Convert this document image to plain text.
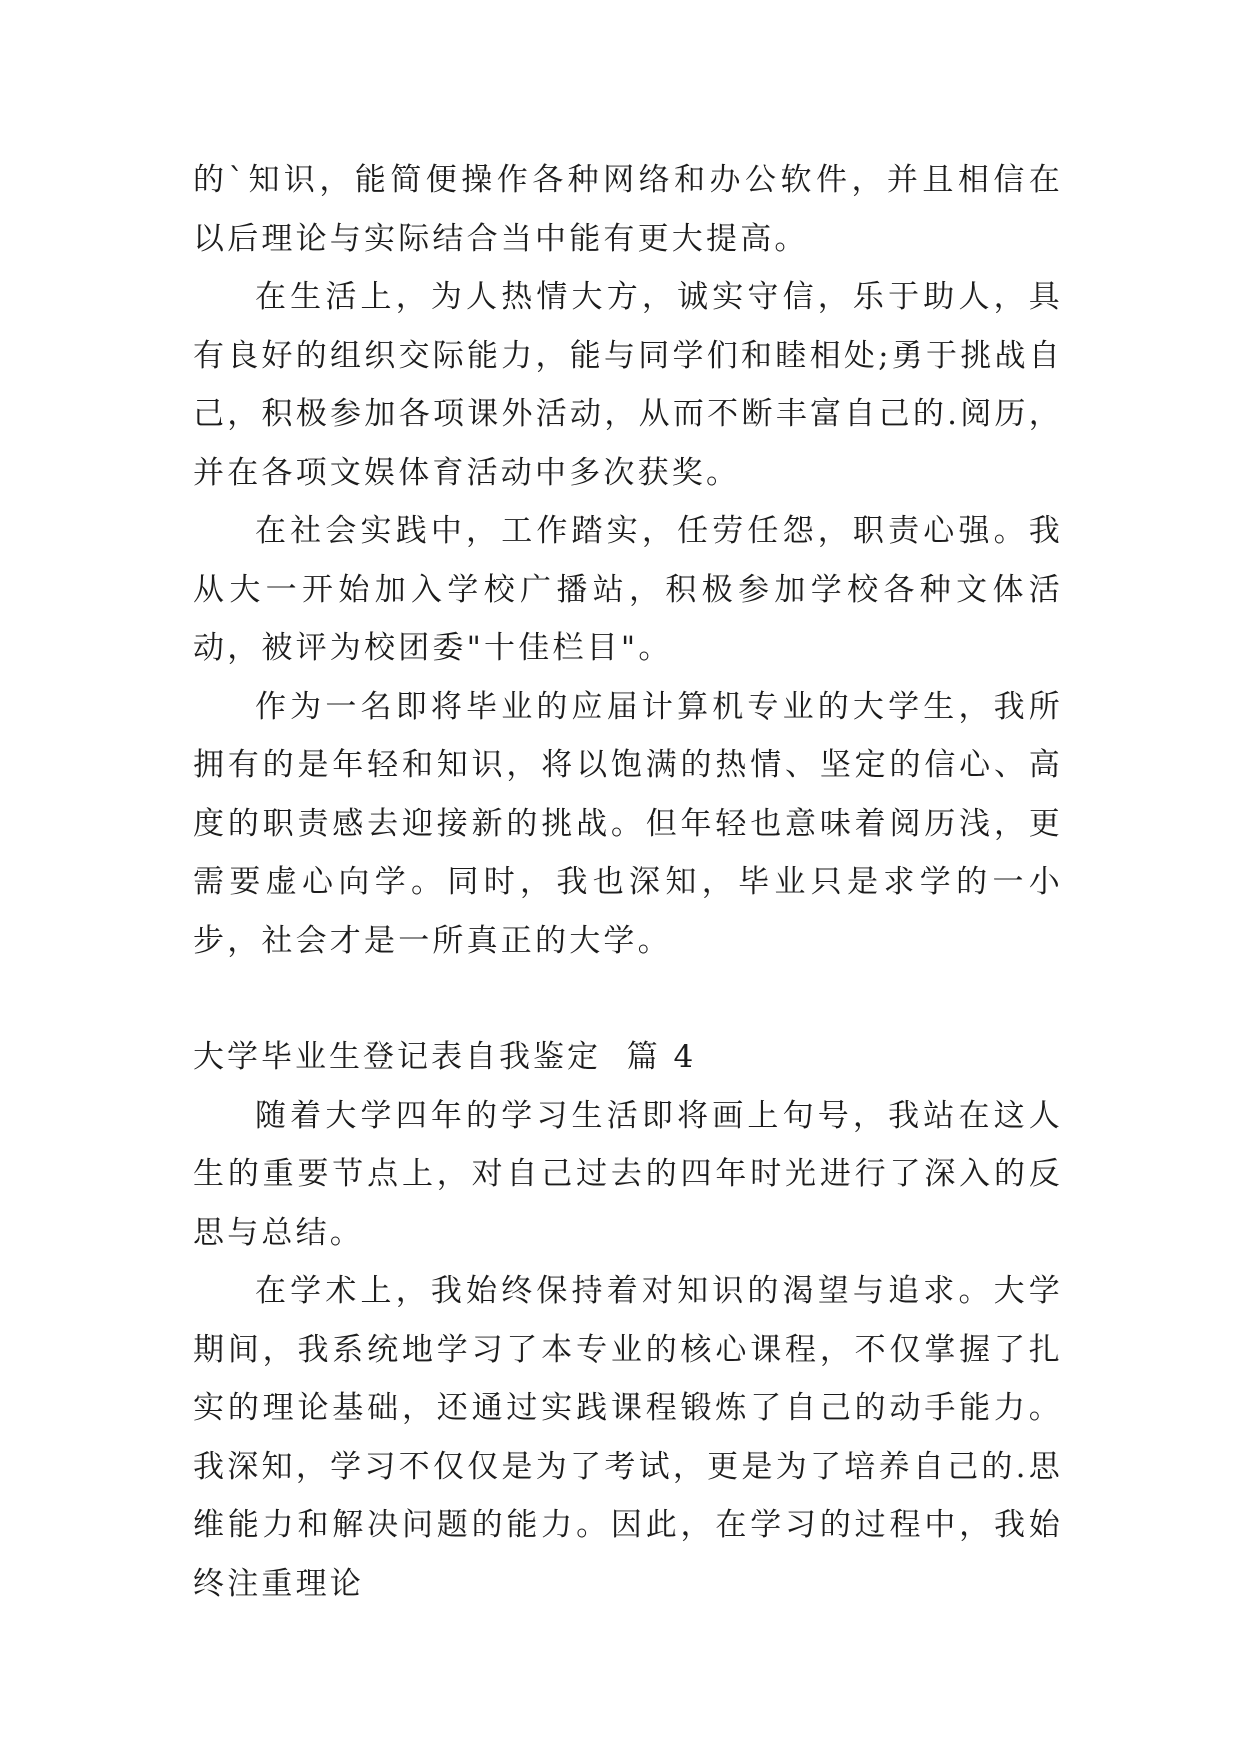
的`知识，能简便操作各种网络和办公软件，并且相信在以后理论与实际结合当中能有更大提高。

在生活上，为人热情大方，诚实守信，乐于助人，具有良好的组织交际能力，能与同学们和睦相处;勇于挑战自己，积极参加各项课外活动，从而不断丰富自己的.阅历，并在各项文娱体育活动中多次获奖。

在社会实践中，工作踏实，任劳任怨，职责心强。我从大一开始加入学校广播站，积极参加学校各种文体活动，被评为校团委"十佳栏目"。

作为一名即将毕业的应届计算机专业的大学生，我所拥有的是年轻和知识，将以饱满的热情、坚定的信心、高度的职责感去迎接新的挑战。但年轻也意味着阅历浅，更需要虚心向学。同时，我也深知，毕业只是求学的一小步，社会才是一所真正的大学。

大学毕业生登记表自我鉴定  篇 4

随着大学四年的学习生活即将画上句号，我站在这人生的重要节点上，对自己过去的四年时光进行了深入的反思与总结。

在学术上，我始终保持着对知识的渴望与追求。大学期间，我系统地学习了本专业的核心课程，不仅掌握了扎实的理论基础，还通过实践课程锻炼了自己的动手能力。我深知，学习不仅仅是为了考试，更是为了培养自己的.思维能力和解决问题的能力。因此，在学习的过程中，我始终注重理论
